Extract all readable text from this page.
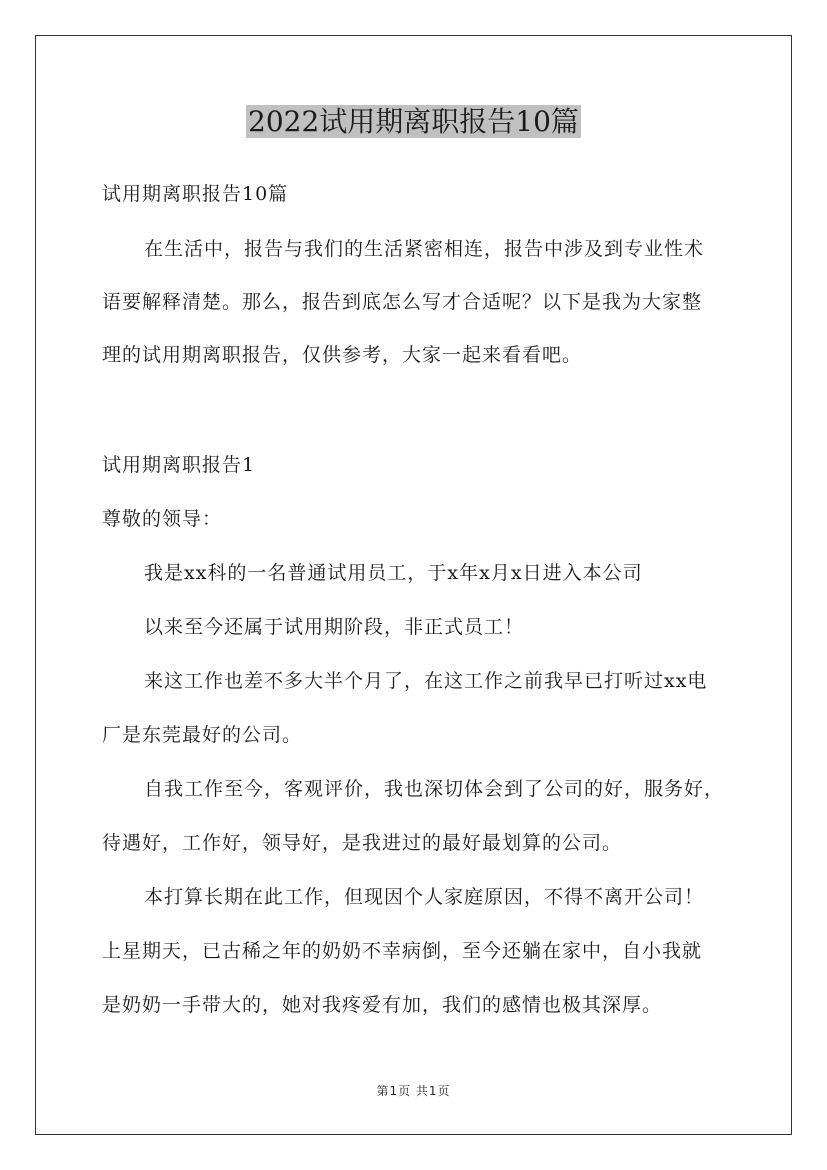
2022试用期离职报告10篇
试用期离职报告10篇
在生活中，报告与我们的生活紧密相连，报告中涉及到专业性术
语要解释清楚。那么，报告到底怎么写才合适呢？以下是我为大家整
理的试用期离职报告，仅供参考，大家一起来看看吧。
试用期离职报告1
尊敬的领导：
我是xx科的一名普通试用员工，于x年x月x日进入本公司
以来至今还属于试用期阶段，非正式员工！
来这工作也差不多大半个月了，在这工作之前我早已打听过xx电
厂是东莞最好的公司。
自我工作至今，客观评价，我也深切体会到了公司的好，服务好，
待遇好，工作好，领导好，是我进过的最好最划算的公司。
本打算长期在此工作，但现因个人家庭原因，不得不离开公司！
上星期天，已古稀之年的奶奶不幸病倒，至今还躺在家中，自小我就
是奶奶一手带大的，她对我疼爱有加，我们的感情也极其深厚。
第1页 共1页
